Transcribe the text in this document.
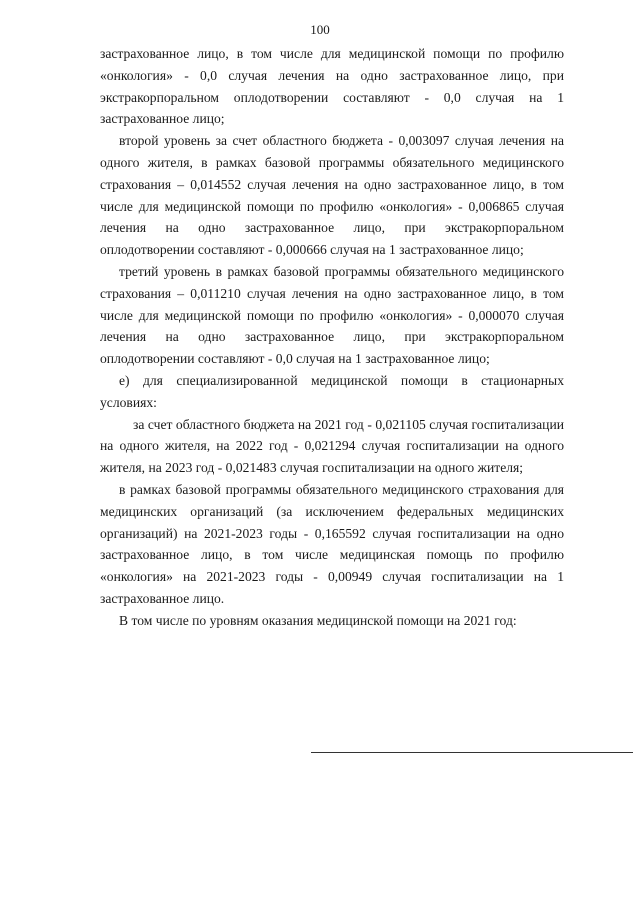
100

застрахованное лицо, в том числе для медицинской помощи по профилю «онкология» - 0,0 случая лечения на одно застрахованное лицо, при экстракорпоральном оплодотворении составляют - 0,0 случая на 1 застрахованное лицо;

второй уровень за счет областного бюджета - 0,003097 случая лечения на одного жителя, в рамках базовой программы обязательного медицинского страхования – 0,014552 случая лечения на одно застрахованное лицо, в том числе для медицинской помощи по профилю «онкология» - 0,006865 случая лечения на одно застрахованное лицо, при экстракорпоральном оплодотворении составляют - 0,000666 случая на 1 застрахованное лицо;

третий уровень в рамках базовой программы обязательного медицинского страхования – 0,011210 случая лечения на одно застрахованное лицо, в том числе для медицинской помощи по профилю «онкология» - 0,000070 случая лечения на одно застрахованное лицо, при экстракорпоральном оплодотворении составляют - 0,0 случая на 1 застрахованное лицо;

е) для специализированной медицинской помощи в стационарных условиях:

за счет областного бюджета на 2021 год - 0,021105 случая госпитализации на одного жителя, на 2022 год - 0,021294 случая госпитализации на одного жителя, на 2023 год - 0,021483 случая госпитализации на одного жителя;

в рамках базовой программы обязательного медицинского страхования для медицинских организаций (за исключением федеральных медицинских организаций) на 2021-2023 годы - 0,165592 случая госпитализации на одно застрахованное лицо, в том числе медицинская помощь по профилю «онкология» на 2021-2023 годы - 0,00949 случая госпитализации на 1 застрахованное лицо.

В том числе по уровням оказания медицинской помощи на 2021 год:
